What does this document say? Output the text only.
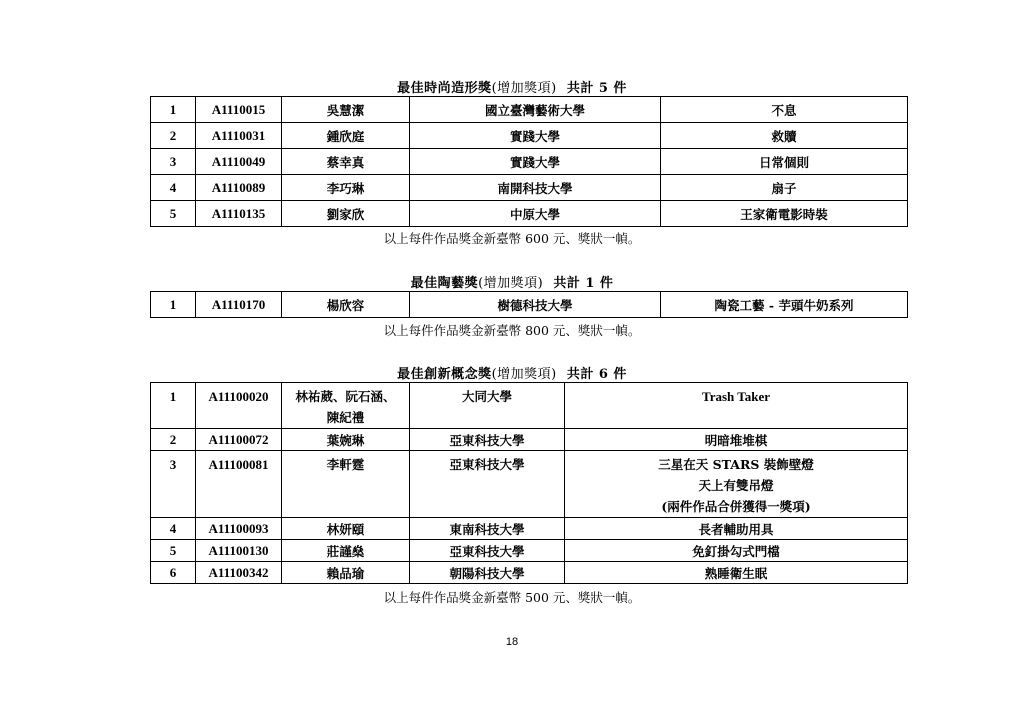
最佳時尚造形獎(增加獎項) 共計 5 件
1	A1110015	吳慧潔	國立臺灣藝術大學	不息
2	A1110031	鍾欣庭	實踐大學	救贖
3	A1110049	蔡幸真	實踐大學	日常個則
4	A1110089	李巧琳	南開科技大學	扇子
5	A1110135	劉家欣	中原大學	王家衛電影時裝
以上每件作品獎金新臺幣 600 元、獎狀一幀。
最佳陶藝獎(增加獎項) 共計 1 件
1	A1110170	楊欣容	樹德科技大學	陶瓷工藝 - 芋頭牛奶系列
以上每件作品獎金新臺幣 800 元、獎狀一幀。
最佳創新概念獎(增加獎項) 共計 6 件
1	A11100020	林祐葳、阮石涵、
陳紀禮	大同大學	Trash Taker
2	A11100072	葉婉琳	亞東科技大學	明暗堆堆棋
3	A11100081	李軒霆	亞東科技大學	三星在天 STARS 裝飾壁燈
天上有雙吊燈
(兩件作品合併獲得一獎項)

4	A11100093	林妍頤	東南科技大學	長者輔助用具
5	A11100130	莊謹燊	亞東科技大學	免釘掛勾式門檔
6	A11100342	賴品瑜	朝陽科技大學	熟睡衛生眠
以上每件作品獎金新臺幣 500 元、獎狀一幀。
18
